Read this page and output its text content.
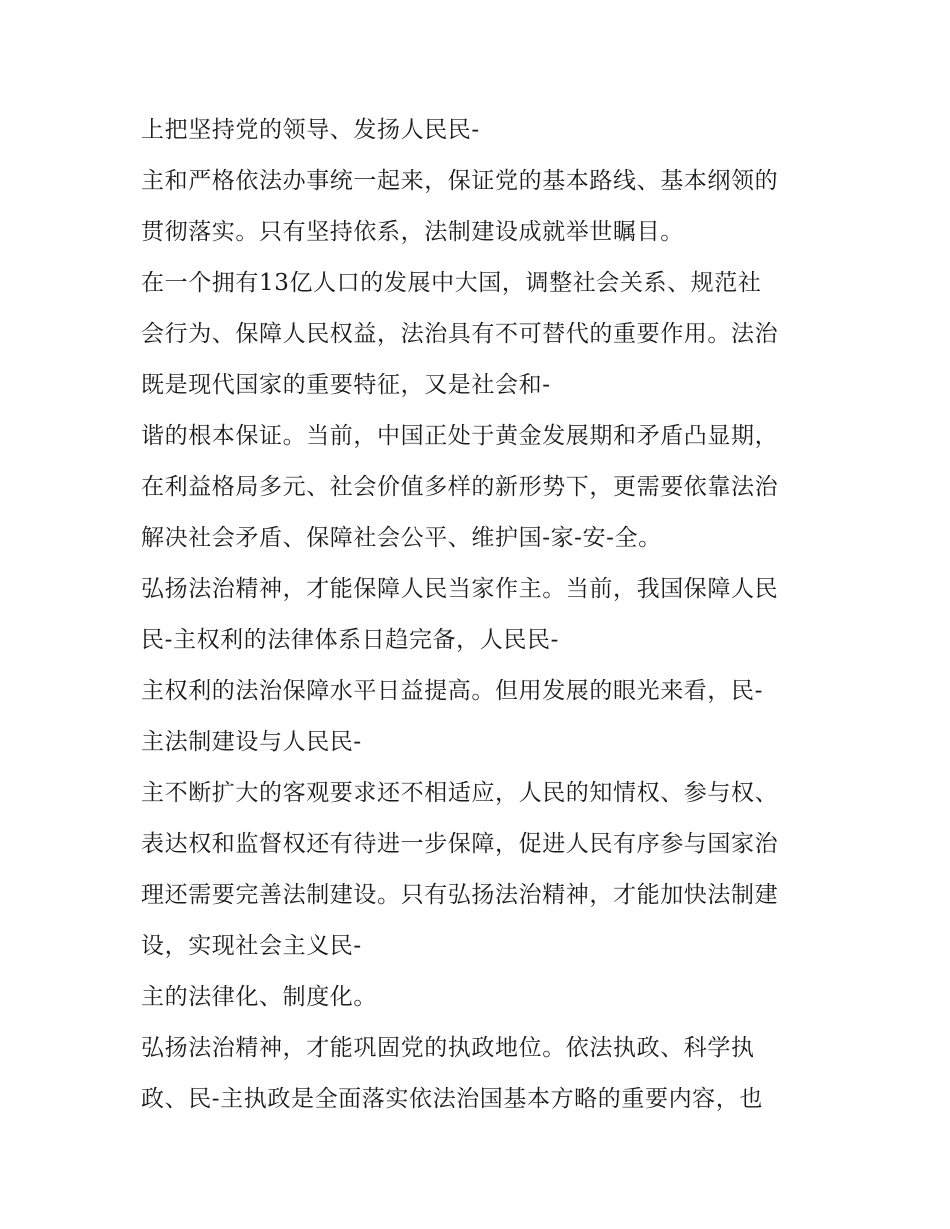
上把坚持党的领导、发扬人民民-
主和严格依法办事统一起来，保证党的基本路线、基本纲领的
贯彻落实。只有坚持依系，法制建设成就举世瞩目。
在一个拥有13亿人口的发展中大国，调整社会关系、规范社
会行为、保障人民权益，法治具有不可替代的重要作用。法治
既是现代国家的重要特征，又是社会和-
谐的根本保证。当前，中国正处于黄金发展期和矛盾凸显期，
在利益格局多元、社会价值多样的新形势下，更需要依靠法治
解决社会矛盾、保障社会公平、维护国-家-安-全。
弘扬法治精神，才能保障人民当家作主。当前，我国保障人民
民-主权利的法律体系日趋完备，人民民-
主权利的法治保障水平日益提高。但用发展的眼光来看，民-
主法制建设与人民民-
主不断扩大的客观要求还不相适应，人民的知情权、参与权、
表达权和监督权还有待进一步保障，促进人民有序参与国家治
理还需要完善法制建设。只有弘扬法治精神，才能加快法制建
设，实现社会主义民-
主的法律化、制度化。
弘扬法治精神，才能巩固党的执政地位。依法执政、科学执
政、民-主执政是全面落实依法治国基本方略的重要内容，也
